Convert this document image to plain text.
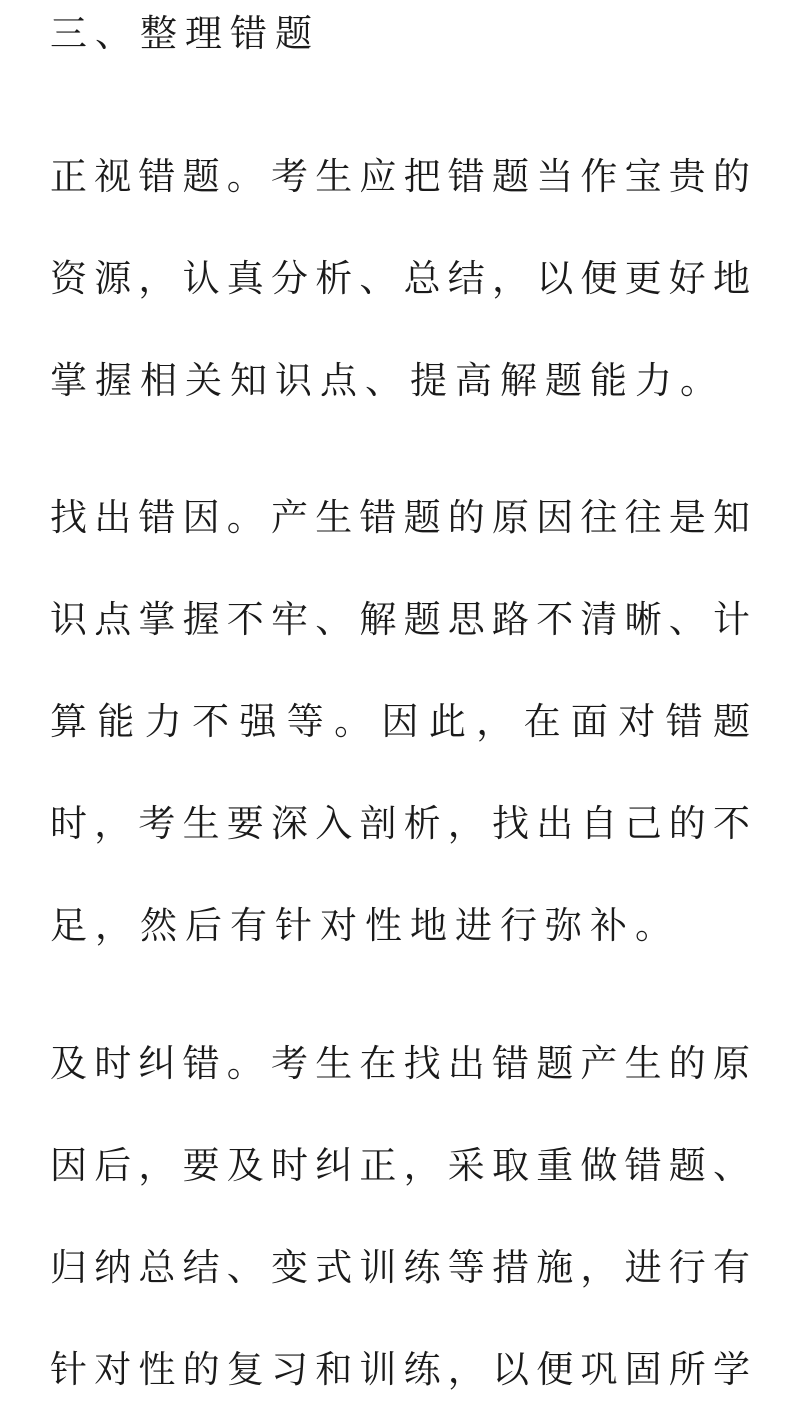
三、整理错题
正视错题。考生应把错题当作宝贵的
资源，认真分析、总结，以便更好地
掌握相关知识点、提高解题能力。
找出错因。产生错题的原因往往是知
识点掌握不牢、解题思路不清晰、计
算能力不强等。因此，在面对错题
时，考生要深入剖析，找出自己的不
足，然后有针对性地进行弥补。
及时纠错。考生在找出错题产生的原
因后，要及时纠正，采取重做错题、
归纳总结、变式训练等措施，进行有
针对性的复习和训练，以便巩固所学
